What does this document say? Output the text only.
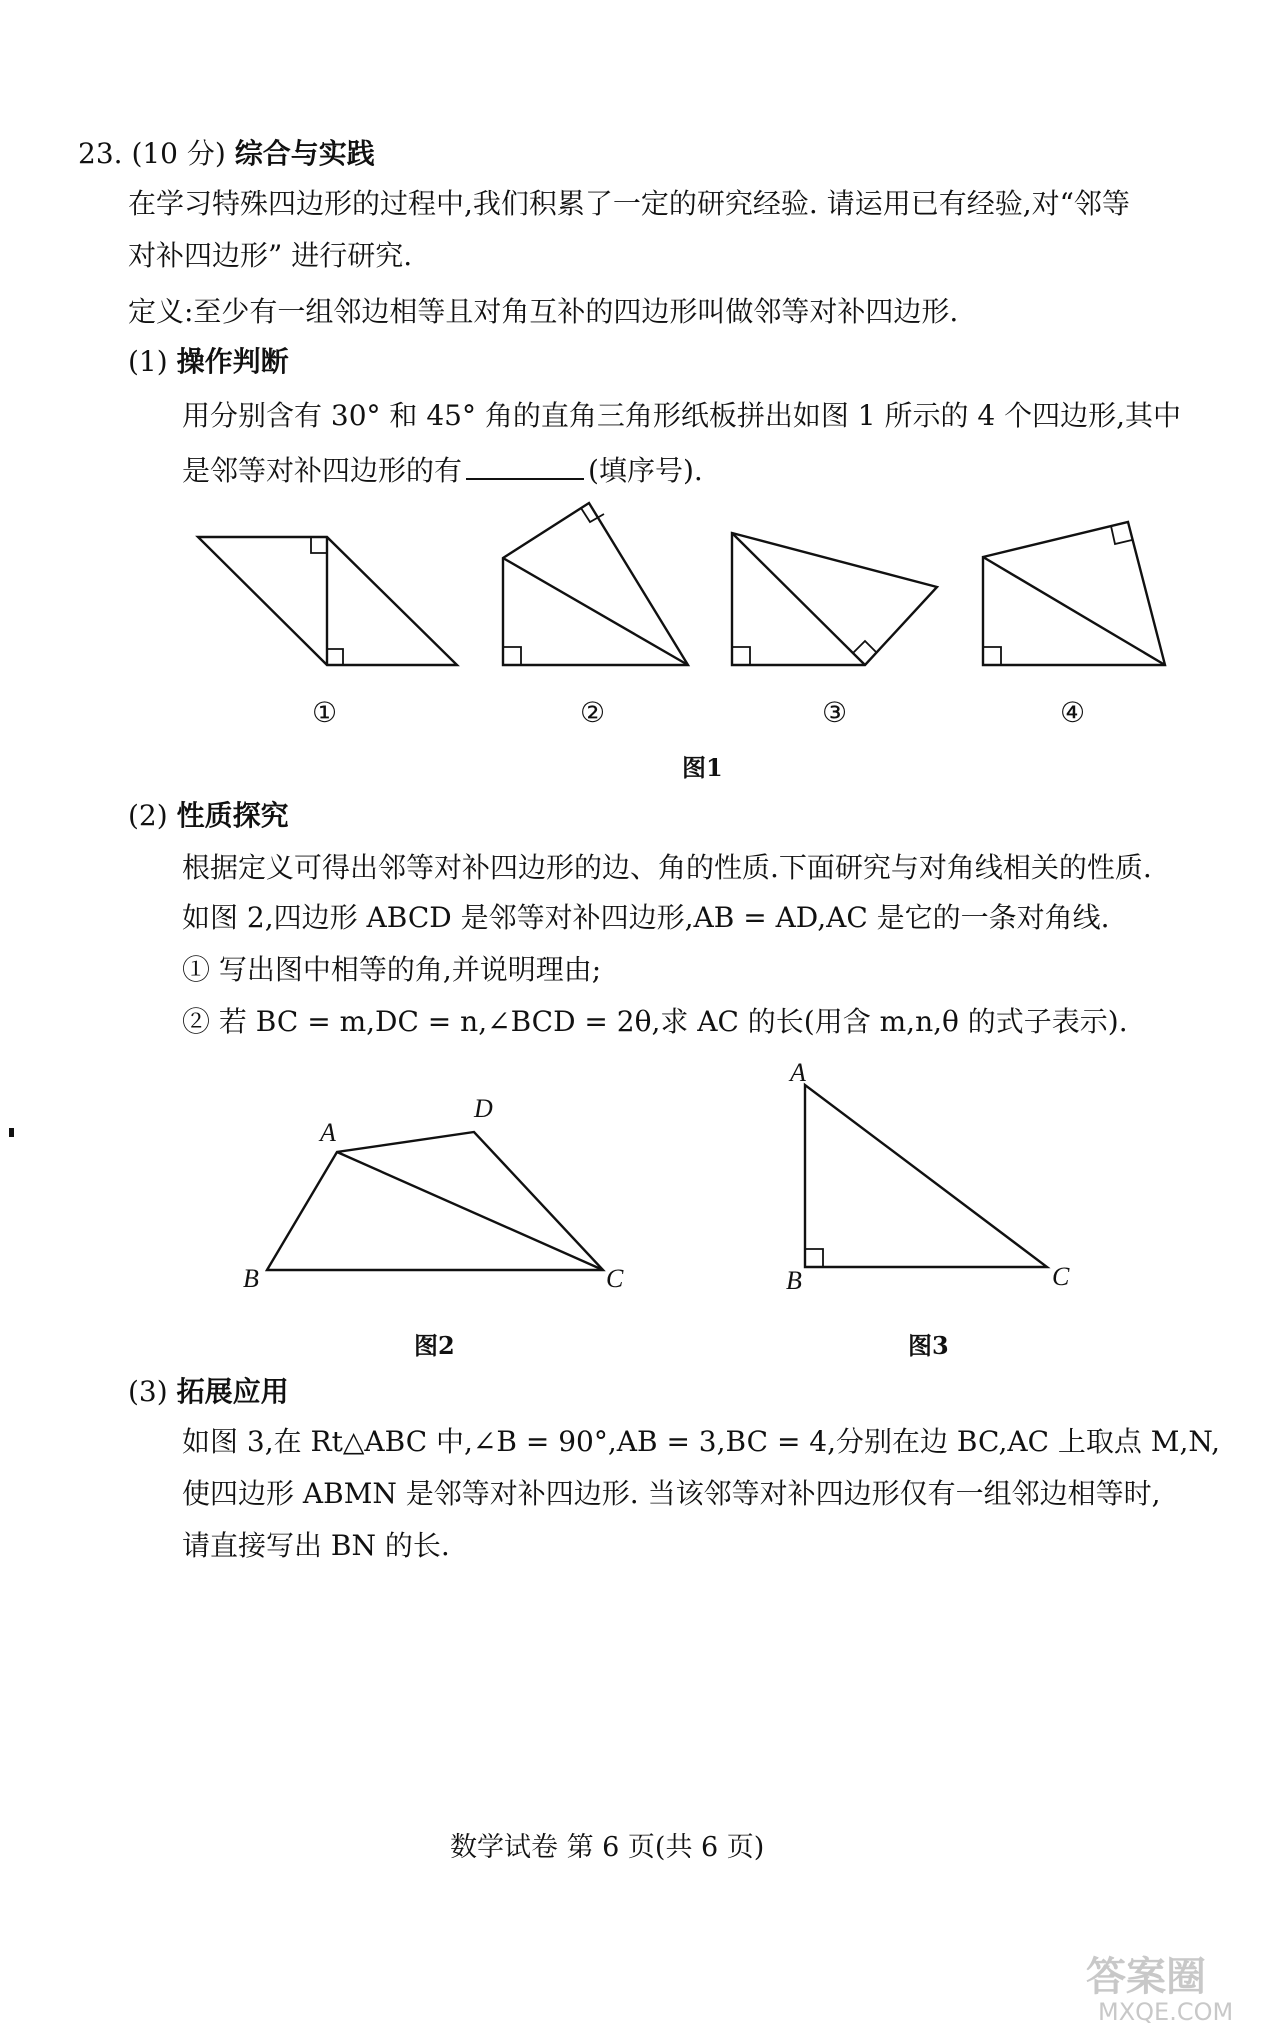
23. (10 分) 综合与实践
在学习特殊四边形的过程中,我们积累了一定的研究经验. 请运用已有经验,对“邻等
对补四边形” 进行研究.
定义:至少有一组邻边相等且对角互补的四边形叫做邻等对补四边形.
(1) 操作判断
用分别含有 30° 和 45° 角的直角三角形纸板拼出如图 1 所示的 4 个四边形,其中
是邻等对补四边形的有	(填序号).
①	②	③	④
图1
(2) 性质探究
根据定义可得出邻等对补四边形的边、角的性质.下面研究与对角线相关的性质.
如图 2,四边形 ABCD 是邻等对补四边形,AB = AD,AC 是它的一条对角线.
① 写出图中相等的角,并说明理由;
② 若 BC = m,DC = n,∠BCD = 2θ,求 AC 的长(用含 m,n,θ 的式子表示).
A
D
B	C
图2
A
B	C
图3
(3) 拓展应用
如图 3,在 Rt△ABC 中,∠B = 90°,AB = 3,BC = 4,分别在边 BC,AC 上取点 M,N,
使四边形 ABMN 是邻等对补四边形. 当该邻等对补四边形仅有一组邻边相等时,
请直接写出 BN 的长.
数学试卷 第 6 页(共 6 页)
答案圈
MXQE.COM
